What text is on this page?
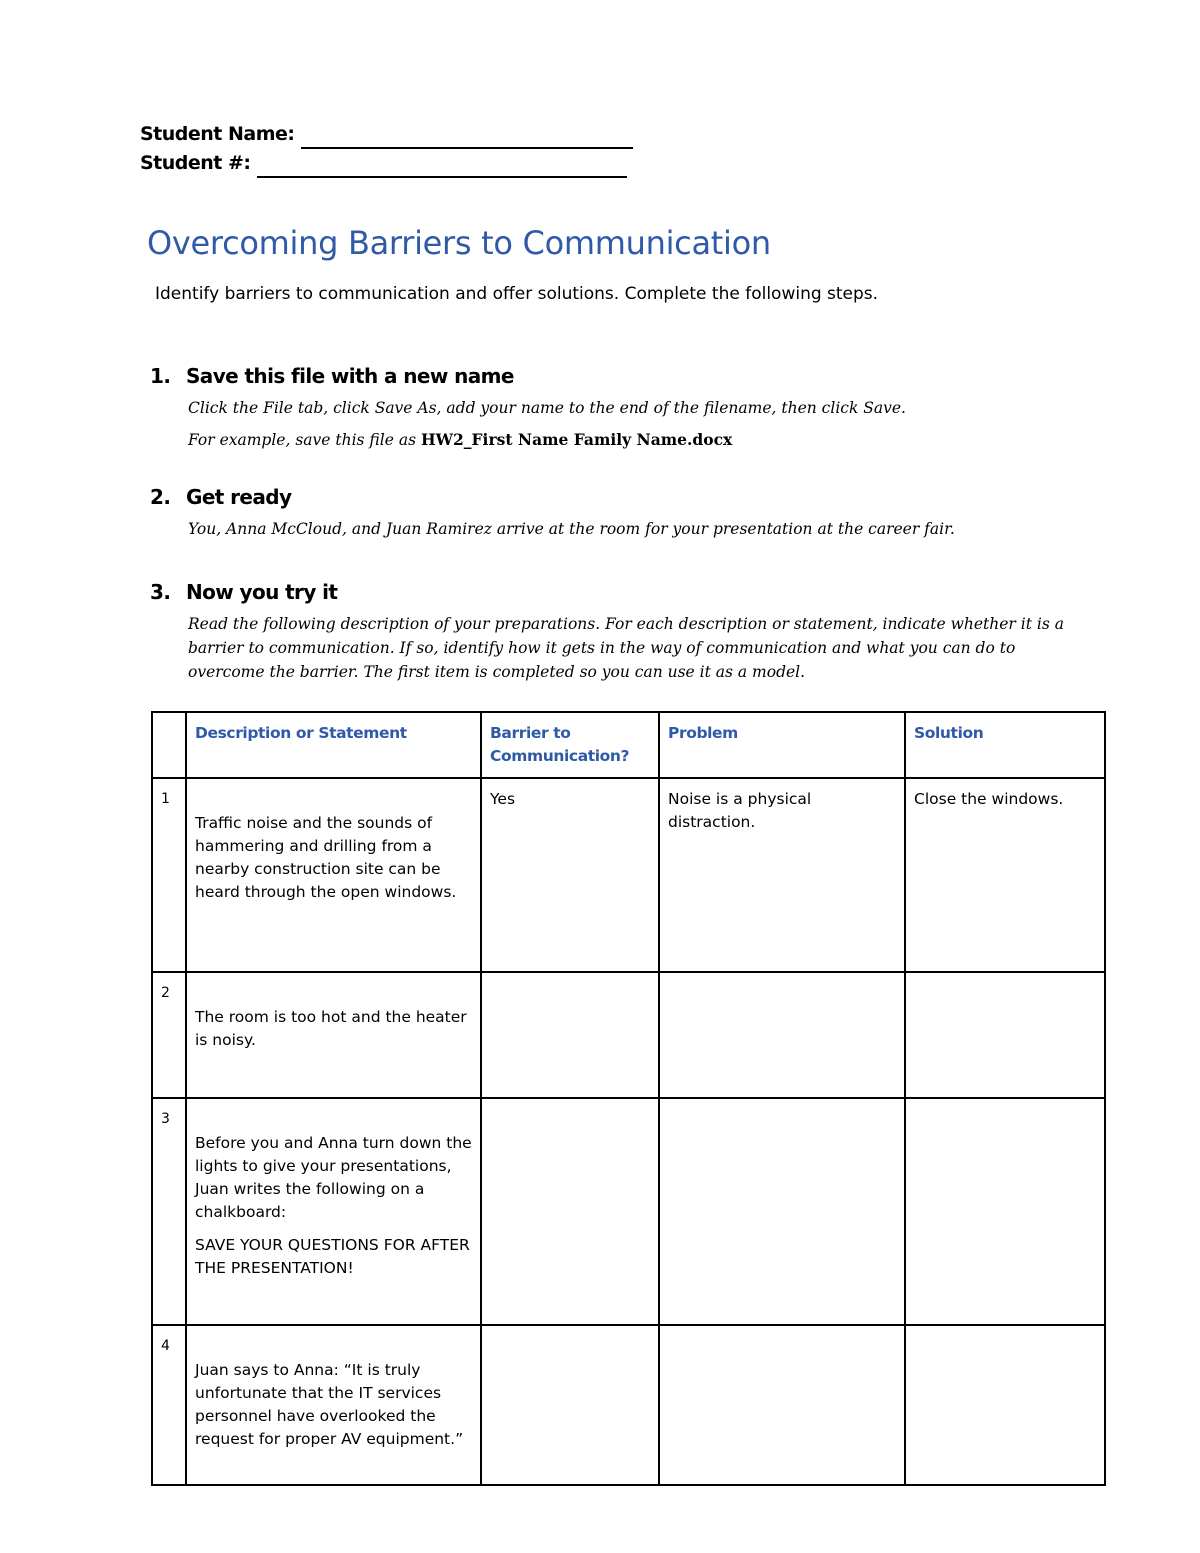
Student Name:
Student #:
Overcoming Barriers to Communication

Identify barriers to communication and offer solutions. Complete the following steps.

1. Save this file with a new name

Click the File tab, click Save As, add your name to the end of the filename, then click Save.

For example, save this file as HW2_First Name Family Name.docx

2. Get ready

You, Anna McCloud, and Juan Ramirez arrive at the room for your presentation at the career fair.

3. Now you try it

Read the following description of your preparations. For each description or statement, indicate whether it is a barrier to communication. If so, identify how it gets in the way of communication and what you can do to overcome the barrier. The first item is completed so you can use it as a model.

	Description or Statement	Barrier to Communication?	Problem	Solution
1	Traffic noise and the sounds of hammering and drilling from a nearby construction site can be heard through the open windows.	Yes	Noise is a physical distraction.	Close the windows.
2	The room is too hot and the heater is noisy.			

3	Before you and Anna turn down the lights to give your presentations, Juan writes the following on a chalkboard:
SAVE YOUR QUESTIONS FOR AFTER THE PRESENTATION!			

4	Juan says to Anna: “It is truly unfortunate that the IT services personnel have overlooked the request for proper AV equipment.”			
